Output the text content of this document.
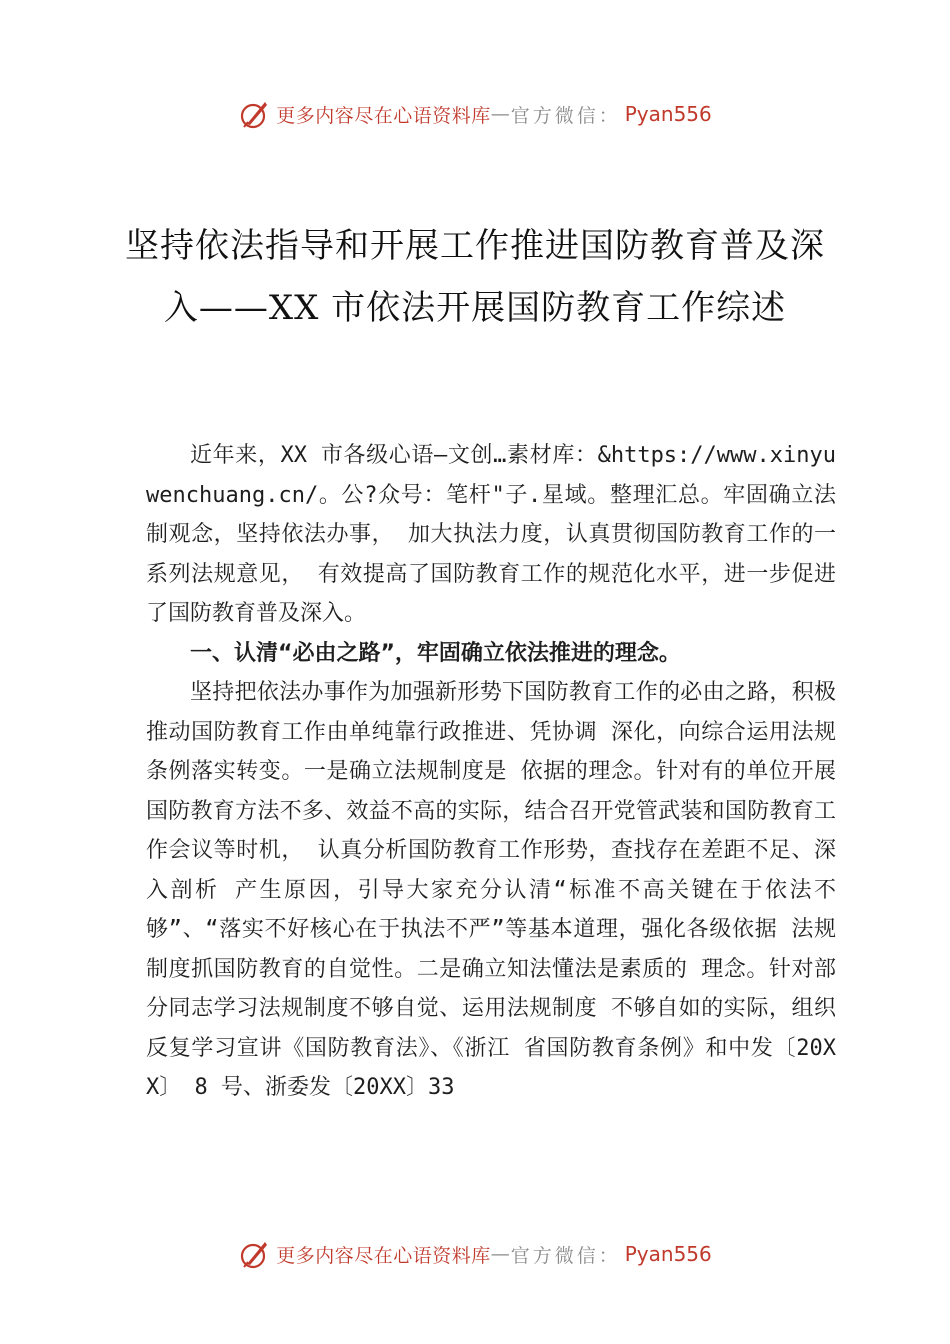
更多内容尽在心语资料库 — 官方微信： Pyan556
坚持依法指导和开展工作推进国防教育普及深入——XX 市依法开展国防教育工作综述

近年来，XX 市各级心语—文创…素材库：&https://www.xinyuwenchuang.cn/。公?众号：笔杆"子.星域。整理汇总。牢固确立法制观念，坚持依法办事， 加大执法力度，认真贯彻国防教育工作的一系列法规意见， 有效提高了国防教育工作的规范化水平，进一步促进了国防教育普及深入。

一、认清“必由之路”，牢固确立依法推进的理念。

坚持把依法办事作为加强新形势下国防教育工作的必由之路，积极推动国防教育工作由单纯靠行政推进、凭协调 深化，向综合运用法规条例落实转变。一是确立法规制度是 依据的理念。针对有的单位开展国防教育方法不多、效益不高的实际，结合召开党管武装和国防教育工作会议等时机， 认真分析国防教育工作形势，查找存在差距不足、深入剖析 产生原因，引导大家充分认清“标准不高关键在于依法不够”、“落实不好核心在于执法不严”等基本道理，强化各级依据 法规制度抓国防教育的自觉性。二是确立知法懂法是素质的 理念。针对部分同志学习法规制度不够自觉、运用法规制度 不够自如的实际，组织反复学习宣讲《国防教育法》、《浙江 省国防教育条例》和中发〔20XX〕 8 号、浙委发〔20XX〕33

更多内容尽在心语资料库 — 官方微信： Pyan556
